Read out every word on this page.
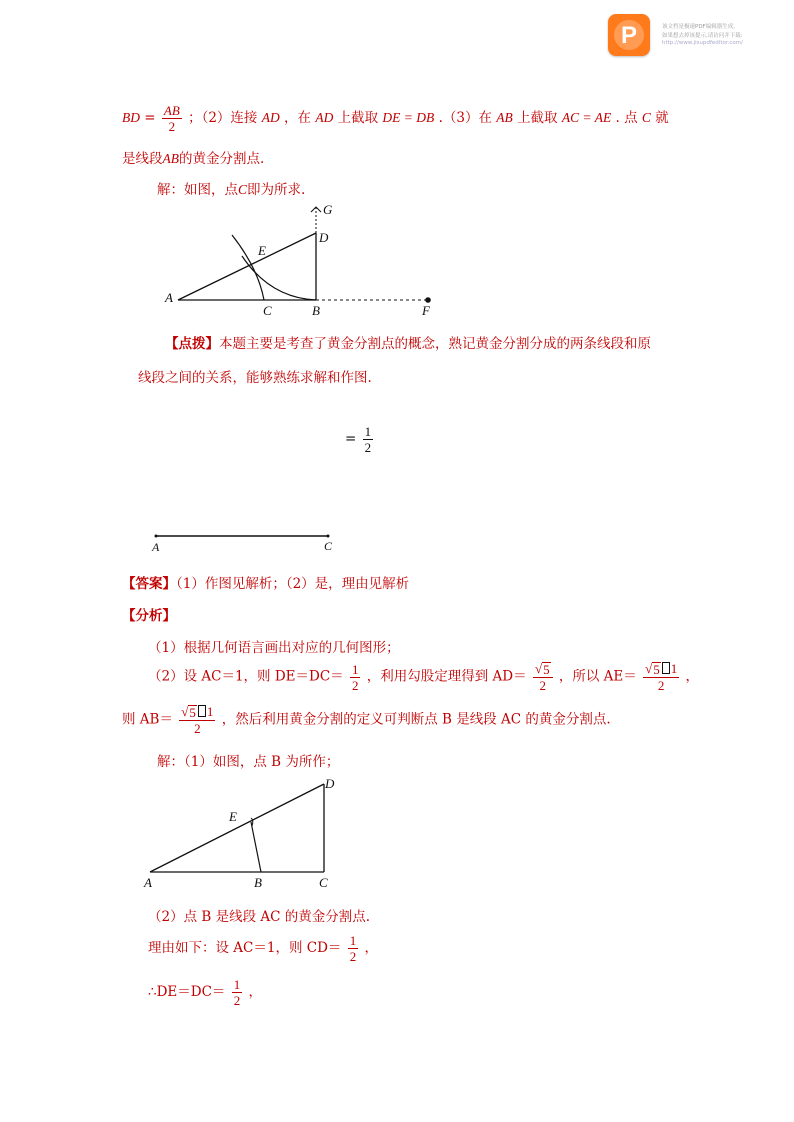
P	该文档是极速PDF编辑器生成,
如果想去掉该提示,请访问并下载:
http://www.jisupdfeditor.com/
BD = $\frac{AB}{2}$ ；（2）连接 AD ，在 AD 上截取 DE = DB .（3）在 AB 上截取 AC = AE . 点 C 就
是线段AB的黄金分割点.
解：如图，点C即为所求.
A
C	B	F
D
G
E
【点拨】本题主要是考查了黄金分割点的概念，熟记黄金分割分成的两条线段和原
线段之间的关系，能够熟练求解和作图.
= $\frac{1}{2}$
A	C
【答案】（1）作图见解析；（2）是，理由见解析
【分析】
（1）根据几何语言画出对应的几何图形；
（2）设 AC＝1，则 $DE=DC= \frac{1}{2}$ ，利用勾股定理得到 $AD= \frac{√ 5}{2}$ ，所以 $AE= \frac{√ 5 1}{2}$ ，
则 $AB= \frac{√ 5 1}{2}$ ，然后利用黄金分割的定义可判断点 B 是线段 AC 的黄金分割点.
解：（1）如图，点 B 为所作；
A	B	C
D
E
（2）点 B 是线段 AC 的黄金分割点.
理由如下：设 AC＝1，则 $CD= \frac{1}{2}$ ，
∴DE＝DC＝ $\frac{1}{2}$ ，
